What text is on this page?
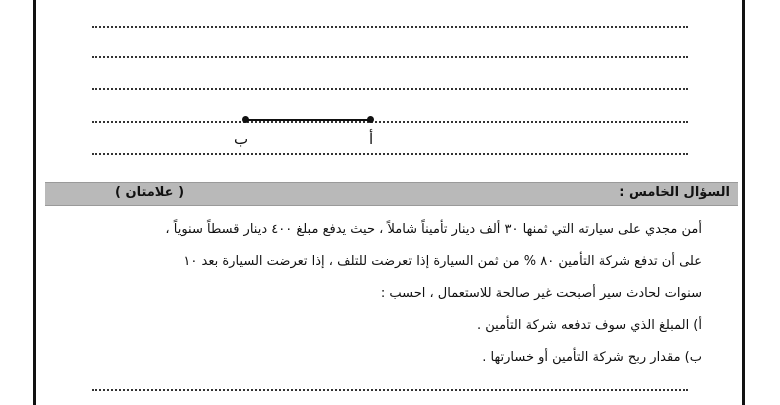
ب	أ
السؤال الخامس :
( علامتان )
أمن مجدي على سيارته التي ثمنها ٣٠ ألف دينار تأميناً شاملاً ، حيث يدفع مبلغ ٤٠٠ دينار قسطاً سنوياً ،
على أن تدفع شركة التأمين ٨٠ % من ثمن السيارة إذا تعرضت للتلف ، إذا تعرضت السيارة بعد ١٠
سنوات لحادث سير أصبحت غير صالحة للاستعمال ، احسب :
أ) المبلغ الذي سوف تدفعه شركة التأمين .
ب) مقدار ربح شركة التأمين أو خسارتها .
